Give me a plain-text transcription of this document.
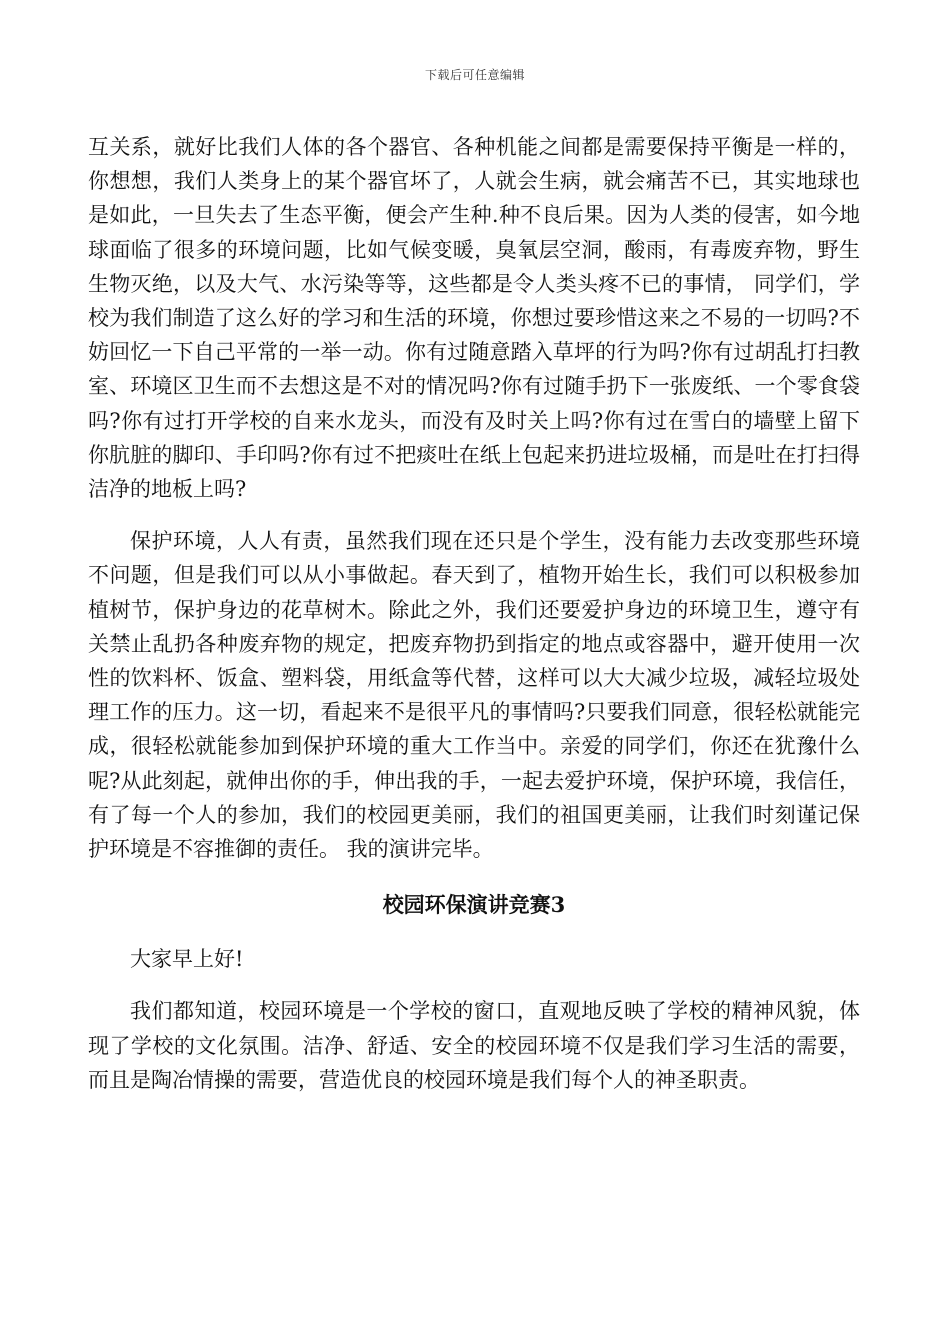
下载后可任意编辑

互关系，就好比我们人体的各个器官、各种机能之间都是需要保持平衡是一样的，你想想，我们人类身上的某个器官坏了，人就会生病，就会痛苦不已，其实地球也是如此，一旦失去了生态平衡，便会产生种.种不良后果。因为人类的侵害，如今地球面临了很多的环境问题，比如气候变暖，臭氧层空洞，酸雨，有毒废弃物，野生生物灭绝，以及大气、水污染等等，这些都是令人类头疼不已的事情， 同学们，学校为我们制造了这么好的学习和生活的环境，你想过要珍惜这来之不易的一切吗?不妨回忆一下自己平常的一举一动。你有过随意踏入草坪的行为吗?你有过胡乱打扫教室、环境区卫生而不去想这是不对的情况吗?你有过随手扔下一张废纸、一个零食袋吗?你有过打开学校的自来水龙头，而没有及时关上吗?你有过在雪白的墙壁上留下你肮脏的脚印、手印吗?你有过不把痰吐在纸上包起来扔进垃圾桶，而是吐在打扫得洁净的地板上吗?

保护环境，人人有责，虽然我们现在还只是个学生，没有能力去改变那些环境不问题，但是我们可以从小事做起。春天到了，植物开始生长，我们可以积极参加植树节，保护身边的花草树木。除此之外，我们还要爱护身边的环境卫生，遵守有关禁止乱扔各种废弃物的规定，把废弃物扔到指定的地点或容器中，避开使用一次性的饮料杯、饭盒、塑料袋，用纸盒等代替，这样可以大大减少垃圾，减轻垃圾处理工作的压力。这一切，看起来不是很平凡的事情吗?只要我们同意，很轻松就能完成，很轻松就能参加到保护环境的重大工作当中。亲爱的同学们，你还在犹豫什么呢?从此刻起，就伸出你的手，伸出我的手，一起去爱护环境，保护环境，我信任，有了每一个人的参加，我们的校园更美丽，我们的祖国更美丽，让我们时刻谨记保护环境是不容推御的责任。 我的演讲完毕。

校园环保演讲竞赛3

大家早上好!

我们都知道，校园环境是一个学校的窗口，直观地反映了学校的精神风貌，体现了学校的文化氛围。洁净、舒适、安全的校园环境不仅是我们学习生活的需要，而且是陶冶情操的需要，营造优良的校园环境是我们每个人的神圣职责。
